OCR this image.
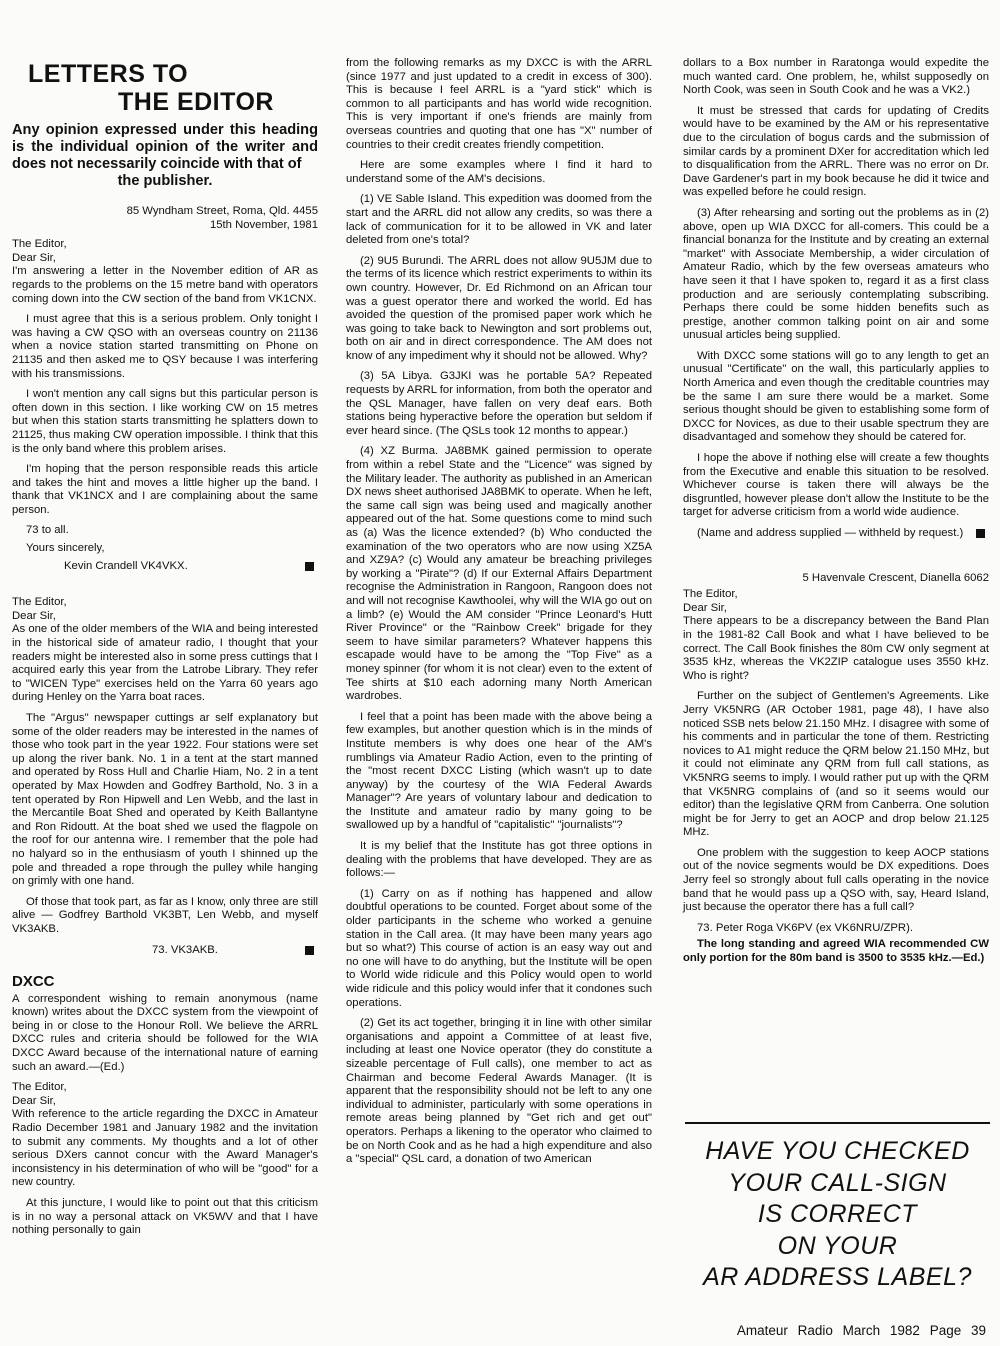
LETTERS TO
THE EDITOR

Any opinion expressed under this heading is the individual opinion of the writer and does not necessarily coincide with that of
the publisher.

85 Wyndham Street, Roma, Qld. 4455

15th November, 1981

The Editor,

Dear Sir,

I'm answering a letter in the November edition of AR as regards to the problems on the 15 metre band with operators coming down into the CW section of the band from VK1CNX.

I must agree that this is a serious problem. Only tonight I was having a CW QSO with an overseas country on 21136 when a novice station started transmitting on Phone on 21135 and then asked me to QSY because I was interfering with his transmissions.

I won't mention any call signs but this particular person is often down in this section. I like working CW on 15 metres but when this station starts transmitting he splatters down to 21125, thus making CW operation impossible. I think that this is the only band where this problem arises.

I'm hoping that the person responsible reads this article and takes the hint and moves a little higher up the band. I thank that VK1NCX and I are complaining about the same person.

73 to all.

Yours sincerely,

Kevin Crandell VK4VKX.

The Editor,

Dear Sir,

As one of the older members of the WIA and being interested in the historical side of amateur radio, I thought that your readers might be interested also in some press cuttings that I acquired early this year from the Latrobe Library. They refer to "WICEN Type" exercises held on the Yarra 60 years ago during Henley on the Yarra boat races.

The "Argus" newspaper cuttings ar self explanatory but some of the older readers may be interested in the names of those who took part in the year 1922. Four stations were set up along the river bank. No. 1 in a tent at the start manned and operated by Ross Hull and Charlie Hiam, No. 2 in a tent operated by Max Howden and Godfrey Barthold, No. 3 in a tent operated by Ron Hipwell and Len Webb, and the last in the Mercantile Boat Shed and operated by Keith Ballantyne and Ron Ridoutt. At the boat shed we used the flagpole on the roof for our antenna wire. I remember that the pole had no halyard so in the enthusiasm of youth I shinned up the pole and threaded a rope through the pulley while hanging on grimly with one hand.

Of those that took part, as far as I know, only three are still alive — Godfrey Barthold VK3BT, Len Webb, and myself VK3AKB.

73. VK3AKB.

DXCC

A correspondent wishing to remain anonymous (name known) writes about the DXCC system from the viewpoint of being in or close to the Honour Roll. We believe the ARRL DXCC rules and criteria should be followed for the WIA DXCC Award because of the international nature of earning such an award.—(Ed.)

The Editor,

Dear Sir,

With reference to the article regarding the DXCC in Amateur Radio December 1981 and January 1982 and the invitation to submit any comments. My thoughts and a lot of other serious DXers cannot concur with the Award Manager's inconsistency in his determination of who will be "good" for a new country.

At this juncture, I would like to point out that this criticism is in no way a personal attack on VK5WV and that I have nothing personally to gain

from the following remarks as my DXCC is with the ARRL (since 1977 and just updated to a credit in excess of 300). This is because I feel ARRL is a "yard stick" which is common to all participants and has world wide recognition. This is very important if one's friends are mainly from overseas countries and quoting that one has "X" number of countries to their credit creates friendly competition.

Here are some examples where I find it hard to understand some of the AM's decisions.

(1) VE Sable Island. This expedition was doomed from the start and the ARRL did not allow any credits, so was there a lack of communication for it to be allowed in VK and later deleted from one's total?

(2) 9U5 Burundi. The ARRL does not allow 9U5JM due to the terms of its licence which restrict experiments to within its own country. However, Dr. Ed Richmond on an African tour was a guest operator there and worked the world. Ed has avoided the question of the promised paper work which he was going to take back to Newington and sort problems out, both on air and in direct correspondence. The AM does not know of any impediment why it should not be allowed. Why?

(3) 5A Libya. G3JKI was he portable 5A? Repeated requests by ARRL for information, from both the operator and the QSL Manager, have fallen on very deaf ears. Both stations being hyperactive before the operation but seldom if ever heard since. (The QSLs took 12 months to appear.)

(4) XZ Burma. JA8BMK gained permission to operate from within a rebel State and the "Licence" was signed by the Military leader. The authority as published in an American DX news sheet authorised JA8BMK to operate. When he left, the same call sign was being used and magically another appeared out of the hat. Some questions come to mind such as (a) Was the licence extended? (b) Who conducted the examination of the two operators who are now using XZ5A and XZ9A? (c) Would any amateur be breaching privileges by working a "Pirate"? (d) If our External Affairs Department recognise the Administration in Rangoon, Rangoon does not and will not recognise Kawthoolei, why will the WIA go out on a limb? (e) Would the AM consider "Prince Leonard's Hutt River Province" or the "Rainbow Creek" brigade for they seem to have similar parameters? Whatever happens this escapade would have to be among the "Top Five" as a money spinner (for whom it is not clear) even to the extent of Tee shirts at $10 each adorning many North American wardrobes.

I feel that a point has been made with the above being a few examples, but another question which is in the minds of Institute members is why does one hear of the AM's rumblings via Amateur Radio Action, even to the printing of the "most recent DXCC Listing (which wasn't up to date anyway) by the courtesy of the WIA Federal Awards Manager"? Are years of voluntary labour and dedication to the Institute and amateur radio by many going to be swallowed up by a handful of "capitalistic" "journalists"?

It is my belief that the Institute has got three options in dealing with the problems that have developed. They are as follows:—

(1) Carry on as if nothing has happened and allow doubtful operations to be counted. Forget about some of the older participants in the scheme who worked a genuine station in the Call area. (It may have been many years ago but so what?) This course of action is an easy way out and no one will have to do anything, but the Institute will be open to World wide ridicule and this Policy would open to world wide ridicule and this policy would infer that it condones such operations.

(2) Get its act together, bringing it in line with other similar organisations and appoint a Committee of at least five, including at least one Novice operator (they do constitute a sizeable percentage of Full calls), one member to act as Chairman and become Federal Awards Manager. (It is apparent that the responsibility should not be left to any one individual to administer, particularly with some operations in remote areas being planned by "Get rich and get out" operators. Perhaps a likening to the operator who claimed to be on North Cook and as he had a high expenditure and also a "special" QSL card, a donation of two American

dollars to a Box number in Raratonga would expedite the much wanted card. One problem, he, whilst supposedly on North Cook, was seen in South Cook and he was a VK2.)

It must be stressed that cards for updating of Credits would have to be examined by the AM or his representative due to the circulation of bogus cards and the submission of similar cards by a prominent DXer for accreditation which led to disqualification from the ARRL. There was no error on Dr. Dave Gardener's part in my book because he did it twice and was expelled before he could resign.

(3) After rehearsing and sorting out the problems as in (2) above, open up WIA DXCC for all-comers. This could be a financial bonanza for the Institute and by creating an external "market" with Associate Membership, a wider circulation of Amateur Radio, which by the few overseas amateurs who have seen it that I have spoken to, regard it as a first class production and are seriously contemplating subscribing. Perhaps there could be some hidden benefits such as prestige, another common talking point on air and some unusual articles being supplied.

With DXCC some stations will go to any length to get an unusual "Certificate" on the wall, this particularly applies to North America and even though the creditable countries may be the same I am sure there would be a market. Some serious thought should be given to establishing some form of DXCC for Novices, as due to their usable spectrum they are disadvantaged and somehow they should be catered for.

I hope the above if nothing else will create a few thoughts from the Executive and enable this situation to be resolved. Whichever course is taken there will always be the disgruntled, however please don't allow the Institute to be the target for adverse criticism from a world wide audience.

(Name and address supplied — withheld by request.)

5 Havenvale Crescent, Dianella 6062

The Editor,

Dear Sir,

There appears to be a discrepancy between the Band Plan in the 1981-82 Call Book and what I have believed to be correct. The Call Book finishes the 80m CW only segment at 3535 kHz, whereas the VK2ZIP catalogue uses 3550 kHz. Who is right?

Further on the subject of Gentlemen's Agreements. Like Jerry VK5NRG (AR October 1981, page 48), I have also noticed SSB nets below 21.150 MHz. I disagree with some of his comments and in particular the tone of them. Restricting novices to A1 might reduce the QRM below 21.150 MHz, but it could not eliminate any QRM from full call stations, as VK5NRG seems to imply. I would rather put up with the QRM that VK5NRG complains of (and so it seems would our editor) than the legislative QRM from Canberra. One solution might be for Jerry to get an AOCP and drop below 21.125 MHz.

One problem with the suggestion to keep AOCP stations out of the novice segments would be DX expeditions. Does Jerry feel so strongly about full calls operating in the novice band that he would pass up a QSO with, say, Heard Island, just because the operator there has a full call?

73. Peter Roga VK6PV (ex VK6NRU/ZPR).

The long standing and agreed WIA recommended CW only portion for the 80m band is 3500 to 3535 kHz.—Ed.)

HAVE YOU CHECKED
YOUR CALL-SIGN
IS CORRECT
ON YOUR
AR ADDRESS LABEL?
Amateur Radio March 1982 Page 39
